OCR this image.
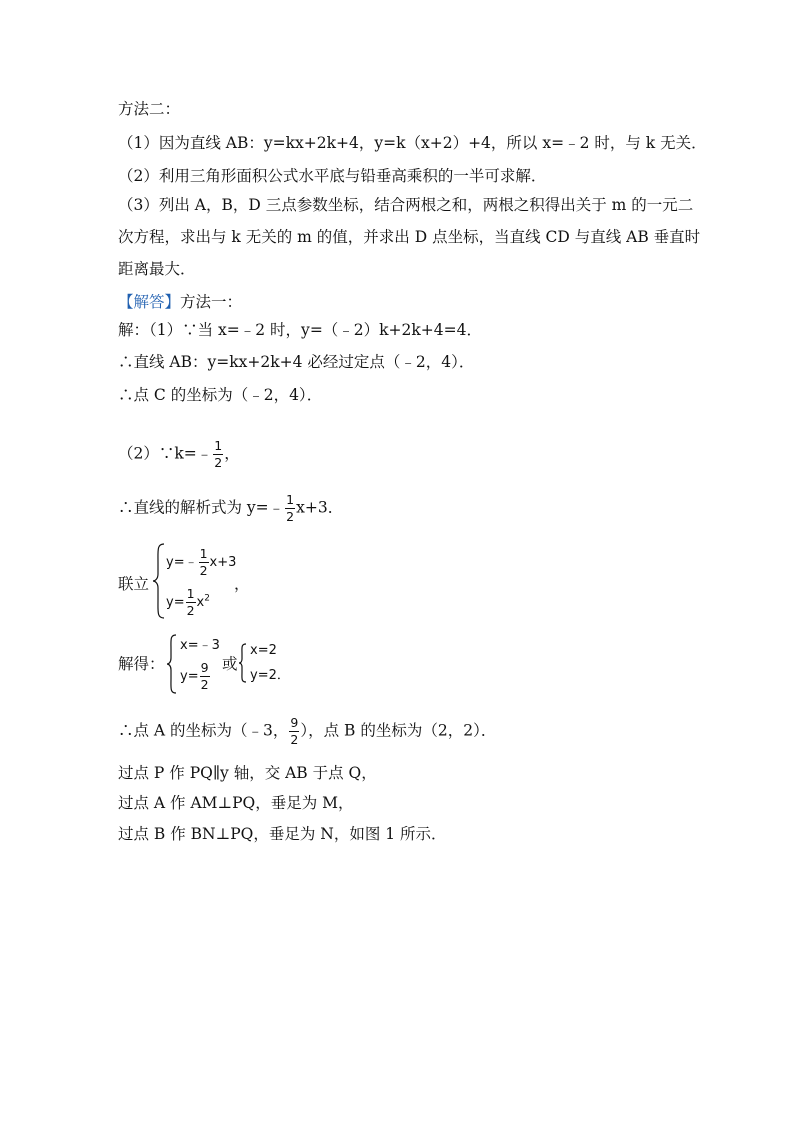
方法二：
（1）因为直线 AB：y=kx+2k+4，y=k（x+2）+4，所以 x=﹣2 时，与 k 无关．
（2）利用三角形面积公式水平底与铅垂高乘积的一半可求解．
（3）列出 A，B，D 三点参数坐标，结合两根之和，两根之积得出关于 m 的一元二
次方程，求出与 k 无关的 m 的值，并求出 D 点坐标，当直线 CD 与直线 AB 垂直时
距离最大．
【解答】方法一：
解：（1）∵当 x=﹣2 时，y=（﹣2）k+2k+4=4．
∴直线 AB：y=kx+2k+4 必经过定点（﹣2，4）．
∴点 C 的坐标为（﹣2，4）．
（2）∵k=﹣ $\frac{1}{2}$ ，
∴直线的解析式为 y=﹣ $\frac{1}{2} x+3$．
联立
y=﹣ $\frac{1}{2} x+3$
$y= \frac{1}{2} x^2$
，
解得：
x=﹣3
$y= \frac{9}{2}$ 或
x=2
y=2．
∴点 A 的坐标为（﹣3， $\frac{9}{2}$ ），点 B 的坐标为（2，2）．
过点 P 作 PQ∥y 轴，交 AB 于点 Q，
过点 A 作 AM⊥PQ，垂足为 M，
过点 B 作 BN⊥PQ，垂足为 N，如图 1 所示．
